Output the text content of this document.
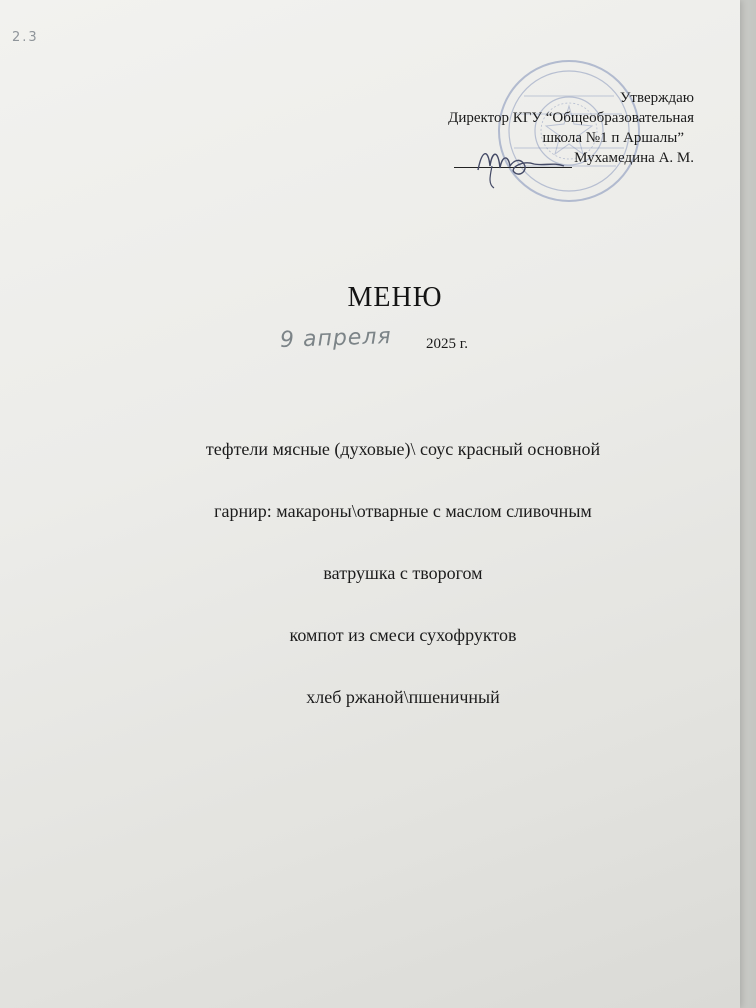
2.3
Утверждаю
Директор КГУ “Общеобразовательная
школа №1 п Аршалы”
Мухамедина А. М.
МЕНЮ
9 апреля 2025 г.
тефтели мясные (духовые)\ соус красный основной
гарнир: макароны\отварные с маслом сливочным
ватрушка с творогом
компот из смеси сухофруктов
хлеб ржаной\пшеничный
